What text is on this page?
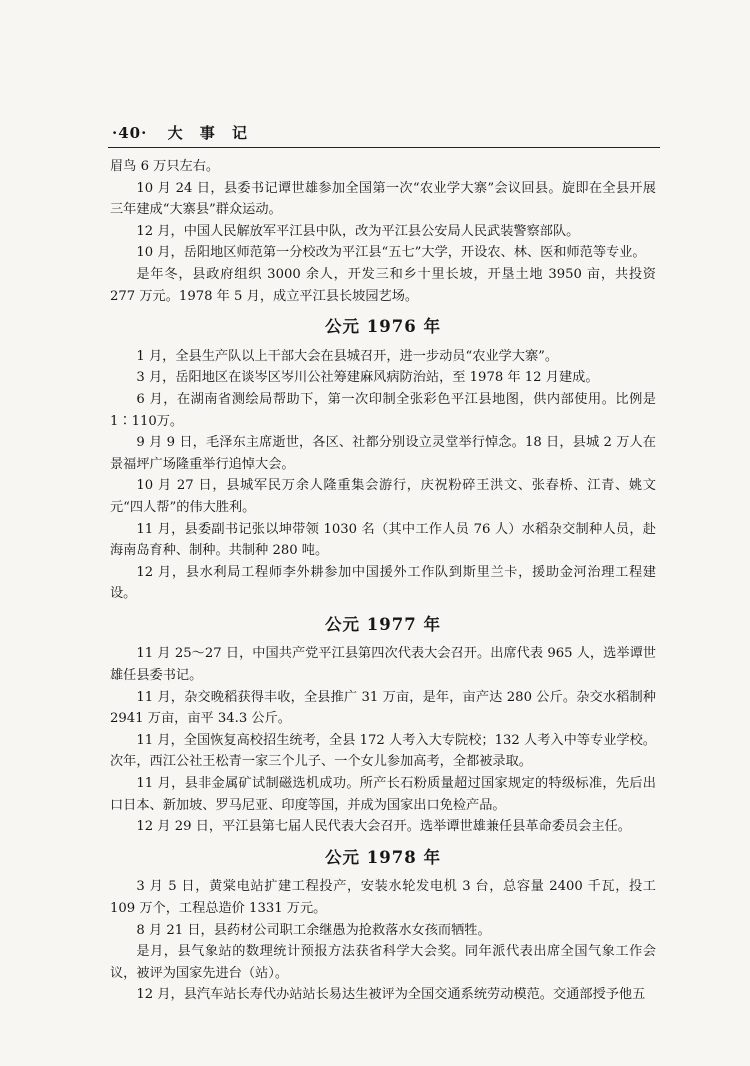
·40· 大 事 记

眉鸟 6 万只左右。

10 月 24 日，县委书记谭世雄参加全国第一次“农业学大寨”会议回县。旋即在全县开展三年建成“大寨县”群众运动。

12 月，中国人民解放军平江县中队，改为平江县公安局人民武装警察部队。

10 月，岳阳地区师范第一分校改为平江县“五七”大学，开设农、林、医和师范等专业。

是年冬，县政府组织 3000 余人，开发三和乡十里长坡，开垦土地 3950 亩，共投资 277 万元。1978 年 5 月，成立平江县长坡园艺场。

公元 1976 年

1 月，全县生产队以上干部大会在县城召开，进一步动员“农业学大寨”。

3 月，岳阳地区在谈岑区岑川公社筹建麻风病防治站，至 1978 年 12 月建成。

6 月，在湖南省测绘局帮助下，第一次印制全张彩色平江县地图，供内部使用。比例是 1∶110万。

9 月 9 日，毛泽东主席逝世，各区、社都分别设立灵堂举行悼念。18 日，县城 2 万人在景福坪广场隆重举行追悼大会。

10 月 27 日，县城军民万余人隆重集会游行，庆祝粉碎王洪文、张春桥、江青、姚文元“四人帮”的伟大胜利。

11 月，县委副书记张以坤带领 1030 名（其中工作人员 76 人）水稻杂交制种人员，赴海南岛育种、制种。共制种 280 吨。

12 月，县水利局工程师李外耕参加中国援外工作队到斯里兰卡，援助金河治理工程建设。

公元 1977 年

11 月 25～27 日，中国共产党平江县第四次代表大会召开。出席代表 965 人，选举谭世雄任县委书记。

11 月，杂交晚稻获得丰收，全县推广 31 万亩，是年，亩产达 280 公斤。杂交水稻制种 2941 万亩，亩平 34.3 公斤。

11 月，全国恢复高校招生统考，全县 172 人考入大专院校；132 人考入中等专业学校。次年，西江公社王松青一家三个儿子、一个女儿参加高考，全都被录取。

11 月，县非金属矿试制磁选机成功。所产长石粉质量超过国家规定的特级标准，先后出口日本、新加坡、罗马尼亚、印度等国，并成为国家出口免检产品。

12 月 29 日，平江县第七届人民代表大会召开。选举谭世雄兼任县革命委员会主任。

公元 1978 年

3 月 5 日，黄棠电站扩建工程投产，安装水轮发电机 3 台，总容量 2400 千瓦，投工 109 万个，工程总造价 1331 万元。

8 月 21 日，县药材公司职工余继愚为抢救落水女孩而牺牲。

是月，县气象站的数理统计预报方法获省科学大会奖。同年派代表出席全国气象工作会议，被评为国家先进台（站）。

12 月，县汽车站长寿代办站站长易达生被评为全国交通系统劳动模范。交通部授予他五
